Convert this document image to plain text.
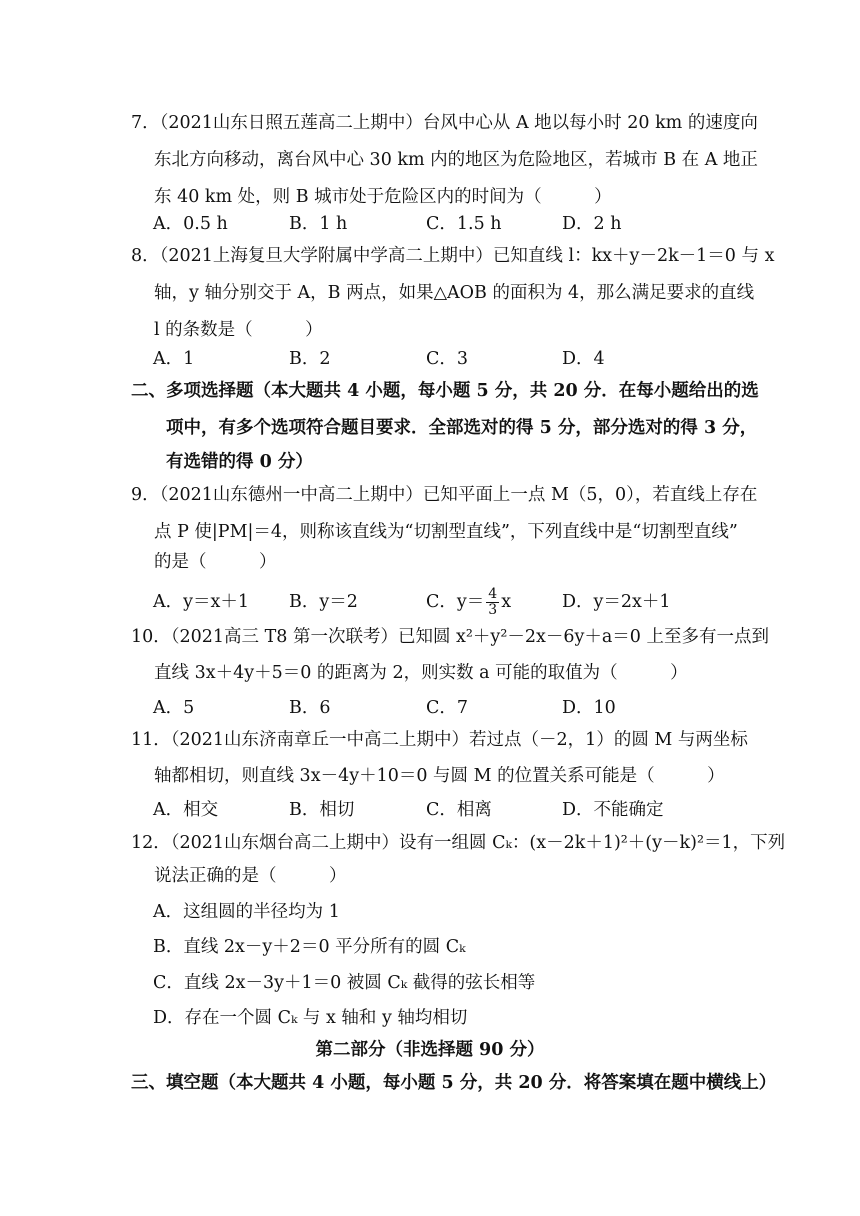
7．（2021山东日照五莲高二上期中）台风中心从 A 地以每小时 20 km 的速度向
东北方向移动，离台风中心 30 km 内的地区为危险地区，若城市 B 在 A 地正
东 40 km 处，则 B 城市处于危险区内的时间为（　　　）
A．0.5 h	B．1 h	C．1.5 h	D．2 h
8．（2021上海复旦大学附属中学高二上期中）已知直线 l：kx＋y－2k－1＝0 与 x
轴，y 轴分别交于 A，B 两点，如果△AOB 的面积为 4，那么满足要求的直线
l 的条数是（　　　）
A．1	B．2	C．3	D．4
二、多项选择题（本大题共 4 小题，每小题 5 分，共 20 分．在每小题给出的选
项中，有多个选项符合题目要求．全部选对的得 5 分，部分选对的得 3 分，
有选错的得 0 分）
9．（2021山东德州一中高二上期中）已知平面上一点 M（5，0），若直线上存在
点 P 使|PM|＝4，则称该直线为“切割型直线”，下列直线中是“切割型直线”
的是（　　　）
A．y＝x＋1 B．y＝2	C．$y= \frac{4}{3}$ x	D．y＝2x＋1
10．（2021高三 T8 第一次联考）已知圆 x²＋y²－2x－6y＋a＝0 上至多有一点到
直线 3x＋4y＋5＝0 的距离为 2，则实数 a 可能的取值为（　　　）
A．5	B．6	C．7	D．10
11．（2021山东济南章丘一中高二上期中）若过点（－2，1）的圆 M 与两坐标
轴都相切，则直线 3x－4y＋10＝0 与圆 M 的位置关系可能是（　　　）
A．相交	B．相切	C．相离	D．不能确定
12．（2021山东烟台高二上期中）设有一组圆 Cₖ：(x－2k＋1)²＋(y－k)²＝1，下列
说法正确的是（　　　）
A．这组圆的半径均为 1
B．直线 2x－y＋2＝0 平分所有的圆 Cₖ
C．直线 2x－3y＋1＝0 被圆 Cₖ 截得的弦长相等
D．存在一个圆 Cₖ 与 x 轴和 y 轴均相切
第二部分（非选择题 90 分）
三、填空题（本大题共 4 小题，每小题 5 分，共 20 分．将答案填在题中横线上）
